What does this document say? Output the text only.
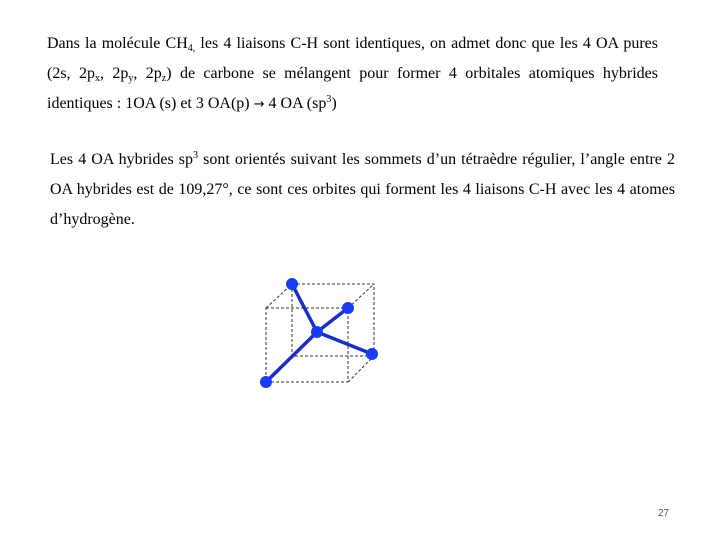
Dans la molécule $CH_{4,}$ les 4 liaisons C-H sont identiques, on admet donc que les 4 OA pures (2s, $2p_x$, $2p_y$, $2p_z$) de carbone se mélangent pour former 4 orbitales atomiques hybrides identiques : 1OA (s) et 3 OA(p) → 4 OA $(sp^3)$

Les 4 OA hybrides $sp^3$ sont orientés suivant les sommets d’un tétraèdre régulier, l’angle entre 2 OA hybrides est de 109,27°, ce sont ces orbites qui forment les 4 liaisons C-H avec les 4 atomes d’hydrogène.

27
